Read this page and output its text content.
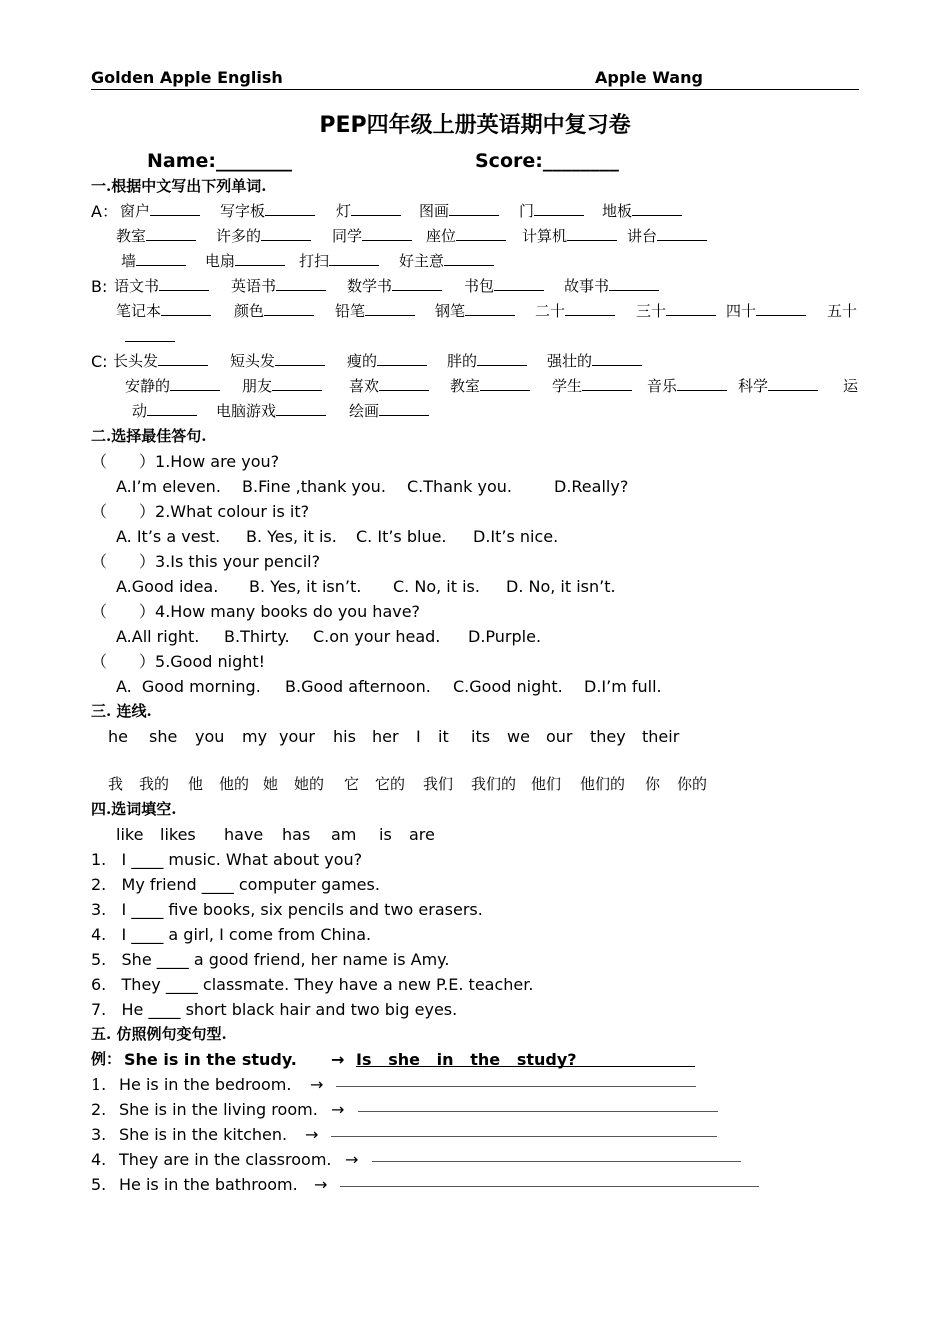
Golden Apple English	Apple Wang
PEP四年级上册英语期中复习卷
Name:________	Score:________
一.根据中文写出下列单词.
A： 窗户	写字板	灯	图画	门	地板
教室	许多的	同学	座位	计算机	讲台
墙	电扇	打扫	好主意
B: 语文书	英语书	数学书	书包	故事书
笔记本	颜色	铅笔	钢笔	二十	三十	四十	五十
C: 长头发	短头发	瘦的	胖的	强壮的
安静的	朋友	喜欢	教室	学生	音乐	科学	运
动	电脑游戏	绘画
二.选择最佳答句.
（　　）1.How are you?
A.I’m eleven. B.Fine ,thank you. C.Thank you.	D.Really?
（　　）2.What colour is it?
A. It’s a vest. B. Yes, it is. C. It’s blue. D.It’s nice.
（　　）3.Is this your pencil?
A.Good idea. B. Yes, it isn’t. C. No, it is. D. No, it isn’t.
（　　）4.How many books do you have?
A.All right. B.Thirty. C.on your head. D.Purple.
（　　）5.Good night!
A.  Good morning. B.Good afternoon. C.Good night. D.I’m full.
三. 连线.
he she you my your his her I it its we our they their
我 我的 他 他的 她 她的 它 它的 我们 我们的 他们 他们的 你 你的
四.选词填空.
like likes have has am is are
1.   I ____ music. What about you?
2.   My friend ____ computer games.
3.   I ____ five books, six pencils and two erasers.
4.   I ____ a girl, I come from China.
5.   She ____ a good friend, her name is Amy.
6.   They ____ classmate. They have a new P.E. teacher.
7.   He ____ short black hair and two big eyes.
五. 仿照例句变句型.
例： She is in the study. → Is   she   in   the   study?
1. He is in the bedroom. →
2. She is in the living room. →
3. She is in the kitchen. →
4. They are in the classroom. →
5. He is in the bathroom. →
